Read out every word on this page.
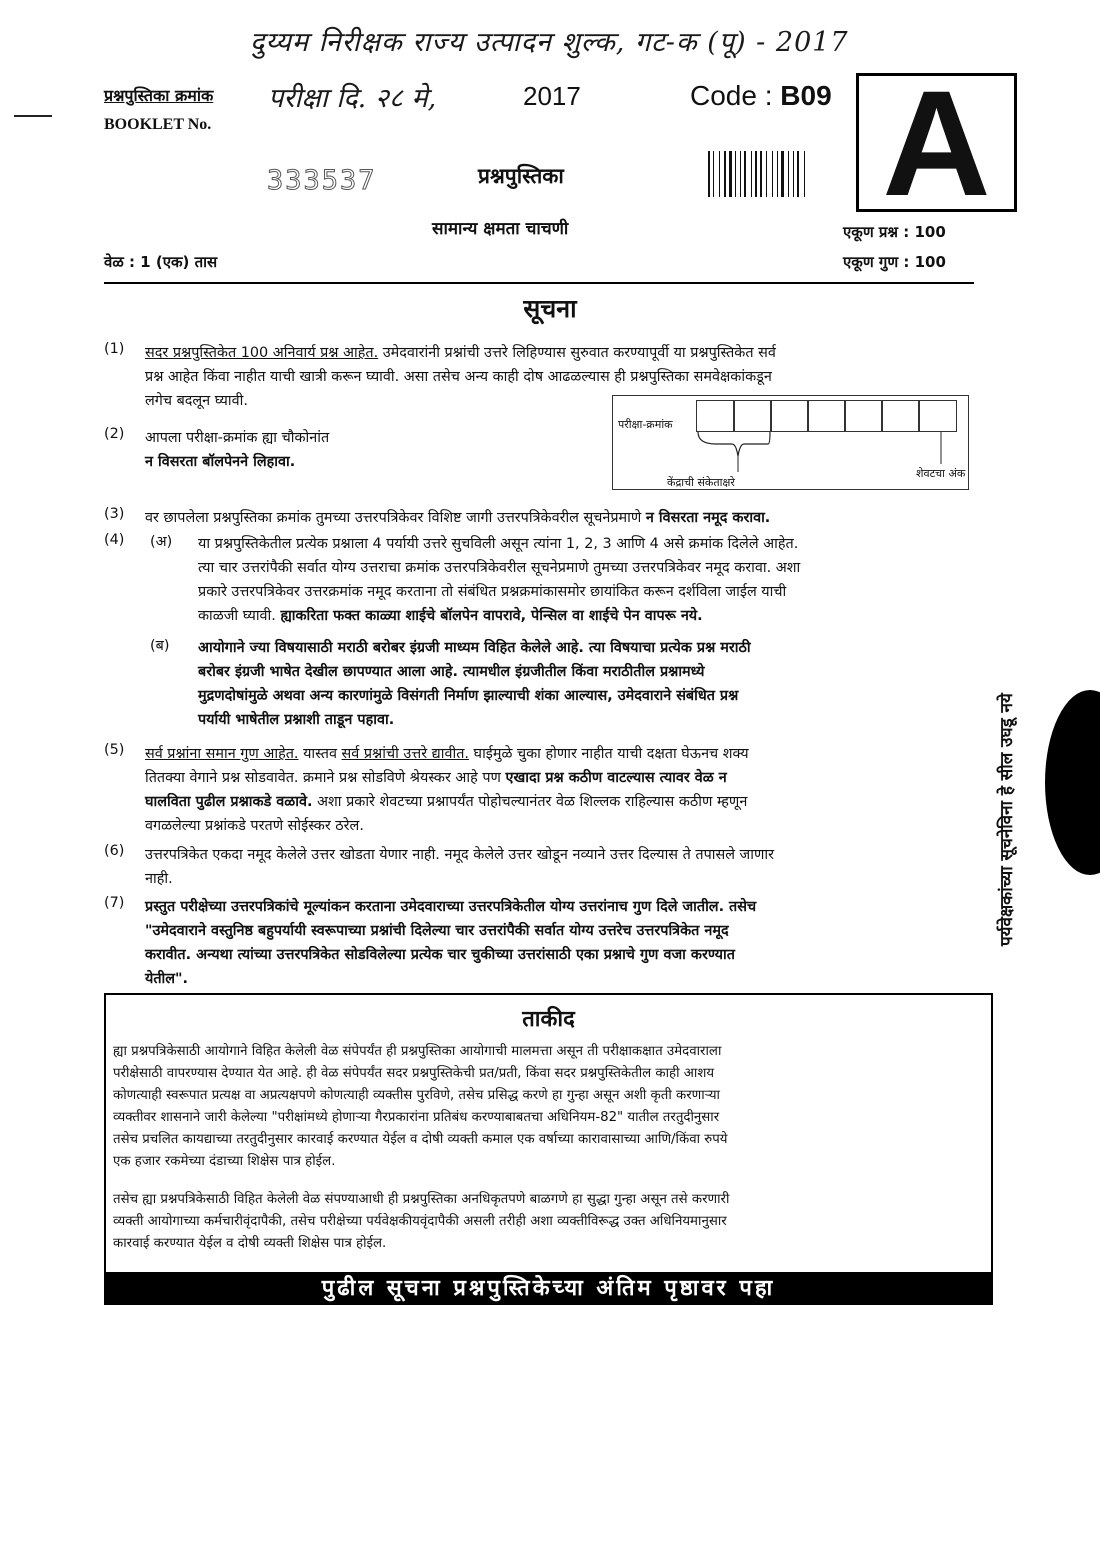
दुय्यम निरीक्षक राज्य उत्पादन शुल्क, गट-क (पू) - 2017
प्रश्नपुस्तिका क्रमांक परीक्षा दि. २८ मे,	2017
BOOKLET No.
Code : B09 A
333537	प्रश्नपुस्तिका
सामान्य क्षमता चाचणी	एकूण प्रश्न : 100
वेळ : 1 (एक) तास	एकूण गुण : 100
सूचना
(1)	सदर प्रश्नपुस्तिकेत 100 अनिवार्य प्रश्न आहेत. उमेदवारांनी प्रश्नांची उत्तरे लिहिण्यास सुरुवात करण्यापूर्वी या प्रश्नपुस्तिकेत सर्व
प्रश्न आहेत किंवा नाहीत याची खात्री करून घ्यावी. असा तसेच अन्य काही दोष आढळल्यास ही प्रश्नपुस्तिका समवेक्षकांकडून
लगेच बदलून घ्यावी.
(2)	आपला परीक्षा-क्रमांक ह्या चौकोनांत
न विसरता बॉलपेनने लिहावा.
(3)	वर छापलेला प्रश्नपुस्तिका क्रमांक तुमच्या उत्तरपत्रिकेवर विशिष्ट जागी उत्तरपत्रिकेवरील सूचनेप्रमाणे न विसरता नमूद करावा.
(4)	(अ)	या प्रश्नपुस्तिकेतील प्रत्येक प्रश्नाला 4 पर्यायी उत्तरे सुचविली असून त्यांना 1, 2, 3 आणि 4 असे क्रमांक दिलेले आहेत.
त्या चार उत्तरांपैकी सर्वात योग्य उत्तराचा क्रमांक उत्तरपत्रिकेवरील सूचनेप्रमाणे तुमच्या उत्तरपत्रिकेवर नमूद करावा. अशा
प्रकारे उत्तरपत्रिकेवर उत्तरक्रमांक नमूद करताना तो संबंधित प्रश्नक्रमांकासमोर छायांकित करून दर्शविला जाईल याची
काळजी घ्यावी. ह्याकरिता फक्त काळ्या शाईचे बॉलपेन वापरावे, पेन्सिल वा शाईचे पेन वापरू नये.
(ब)	आयोगाने ज्या विषयासाठी मराठी बरोबर इंग्रजी माध्यम विहित केलेले आहे. त्या विषयाचा प्रत्येक प्रश्न मराठी
बरोबर इंग्रजी भाषेत देखील छापण्यात आला आहे. त्यामधील इंग्रजीतील किंवा मराठीतील प्रश्नामध्ये
मुद्रणदोषांमुळे अथवा अन्य कारणांमुळे विसंगती निर्माण झाल्याची शंका आल्यास, उमेदवाराने संबंधित प्रश्न
पर्यायी भाषेतील प्रश्नाशी ताडून पहावा.
(5)	सर्व प्रश्नांना समान गुण आहेत. यास्तव सर्व प्रश्नांची उत्तरे द्यावीत. घाईमुळे चुका होणार नाहीत याची दक्षता घेऊनच शक्य
तितक्या वेगाने प्रश्न सोडवावेत. क्रमाने प्रश्न सोडविणे श्रेयस्कर आहे पण एखादा प्रश्न कठीण वाटल्यास त्यावर वेळ न
घालविता पुढील प्रश्नाकडे वळावे. अशा प्रकारे शेवटच्या प्रश्नापर्यंत पोहोचल्यानंतर वेळ शिल्लक राहिल्यास कठीण म्हणून
वगळलेल्या प्रश्नांकडे परतणे सोईस्कर ठरेल.
(6)	उत्तरपत्रिकेत एकदा नमूद केलेले उत्तर खोडता येणार नाही. नमूद केलेले उत्तर खोडून नव्याने उत्तर दिल्यास ते तपासले जाणार
नाही.
(7)	प्रस्तुत परीक्षेच्या उत्तरपत्रिकांचे मूल्यांकन करताना उमेदवाराच्या उत्तरपत्रिकेतील योग्य उत्तरांनाच गुण दिले जातील. तसेच
"उमेदवाराने वस्तुनिष्ठ बहुपर्यायी स्वरूपाच्या प्रश्नांची दिलेल्या चार उत्तरांपैकी सर्वात योग्य उत्तरेच उत्तरपत्रिकेत नमूद
करावीत. अन्यथा त्यांच्या उत्तरपत्रिकेत सोडविलेल्या प्रत्येक चार चुकीच्या उत्तरांसाठी एका प्रश्नाचे गुण वजा करण्यात
येतील".
परीक्षा-क्रमांक
केंद्राची संकेताक्षरे
शेवटचा अंक
पर्यवेक्षकांच्या सूचनेविना हे सील उघडू नये
ताकीद
ह्या प्रश्नपत्रिकेसाठी आयोगाने विहित केलेली वेळ संपेपर्यंत ही प्रश्नपुस्तिका आयोगाची मालमत्ता असून ती परीक्षाकक्षात उमेदवाराला
परीक्षेसाठी वापरण्यास देण्यात येत आहे. ही वेळ संपेपर्यंत सदर प्रश्नपुस्तिकेची प्रत/प्रती, किंवा सदर प्रश्नपुस्तिकेतील काही आशय
कोणत्याही स्वरूपात प्रत्यक्ष वा अप्रत्यक्षपणे कोणत्याही व्यक्तीस पुरविणे, तसेच प्रसिद्ध करणे हा गुन्हा असून अशी कृती करणाऱ्या
व्यक्तीवर शासनाने जारी केलेल्या "परीक्षांमध्ये होणाऱ्या गैरप्रकारांना प्रतिबंध करण्याबाबतचा अधिनियम-82" यातील तरतुदीनुसार
तसेच प्रचलित कायद्याच्या तरतुदीनुसार कारवाई करण्यात येईल व दोषी व्यक्ती कमाल एक वर्षाच्या कारावासाच्या आणि/किंवा रुपये
एक हजार रकमेच्या दंडाच्या शिक्षेस पात्र होईल.
तसेच ह्या प्रश्नपत्रिकेसाठी विहित केलेली वेळ संपण्याआधी ही प्रश्नपुस्तिका अनधिकृतपणे बाळगणे हा सुद्धा गुन्हा असून तसे करणारी
व्यक्ती आयोगाच्या कर्मचारीवृंदापैकी, तसेच परीक्षेच्या पर्यवेक्षकीयवृंदापैकी असली तरीही अशा व्यक्तीविरूद्ध उक्त अधिनियमानुसार
कारवाई करण्यात येईल व दोषी व्यक्ती शिक्षेस पात्र होईल.
पुढील सूचना प्रश्नपुस्तिकेच्या अंतिम पृष्ठावर पहा
